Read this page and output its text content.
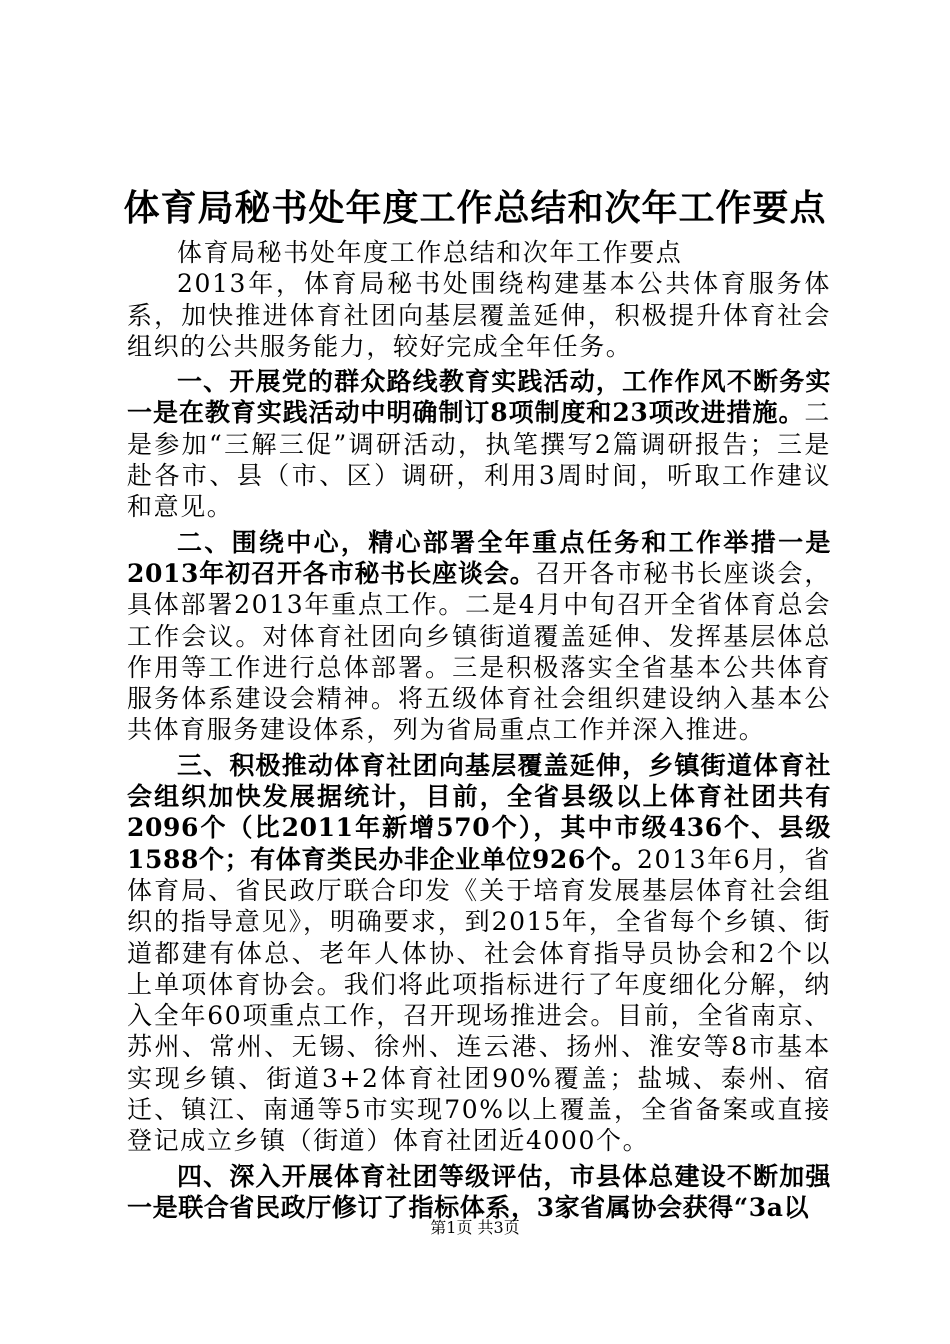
体育局秘书处年度工作总结和次年工作要点

体育局秘书处年度工作总结和次年工作要点

2013年，体育局秘书处围绕构建基本公共体育服务体系，加快推进体育社团向基层覆盖延伸，积极提升体育社会组织的公共服务能力，较好完成全年任务。

一、开展党的群众路线教育实践活动，工作作风不断务实一是在教育实践活动中明确制订8项制度和23项改进措施。二是参加“三解三促”调研活动，执笔撰写2篇调研报告；三是赴各市、县（市、区）调研，利用3周时间，听取工作建议和意见。

二、围绕中心，精心部署全年重点任务和工作举措一是2013年初召开各市秘书长座谈会。召开各市秘书长座谈会，具体部署2013年重点工作。二是4月中旬召开全省体育总会工作会议。对体育社团向乡镇街道覆盖延伸、发挥基层体总作用等工作进行总体部署。三是积极落实全省基本公共体育服务体系建设会精神。将五级体育社会组织建设纳入基本公共体育服务建设体系，列为省局重点工作并深入推进。

三、积极推动体育社团向基层覆盖延伸，乡镇街道体育社会组织加快发展据统计，目前，全省县级以上体育社团共有2096个（比2011年新增570个），其中市级436个、县级1588个；有体育类民办非企业单位926个。2013年6月，省体育局、省民政厅联合印发《关于培育发展基层体育社会组织的指导意见》，明确要求，到2015年，全省每个乡镇、街道都建有体总、老年人体协、社会体育指导员协会和2个以上单项体育协会。我们将此项指标进行了年度细化分解，纳入全年60项重点工作，召开现场推进会。目前，全省南京、苏州、常州、无锡、徐州、连云港、扬州、淮安等8市基本实现乡镇、街道3+2体育社团90%覆盖；盐城、泰州、宿迁、镇江、南通等5市实现70%以上覆盖，全省备案或直接登记成立乡镇（街道）体育社团近4000个。

四、深入开展体育社团等级评估，市县体总建设不断加强一是联合省民政厅修订了指标体系，3家省属协会获得“3a以

第1页 共3页
